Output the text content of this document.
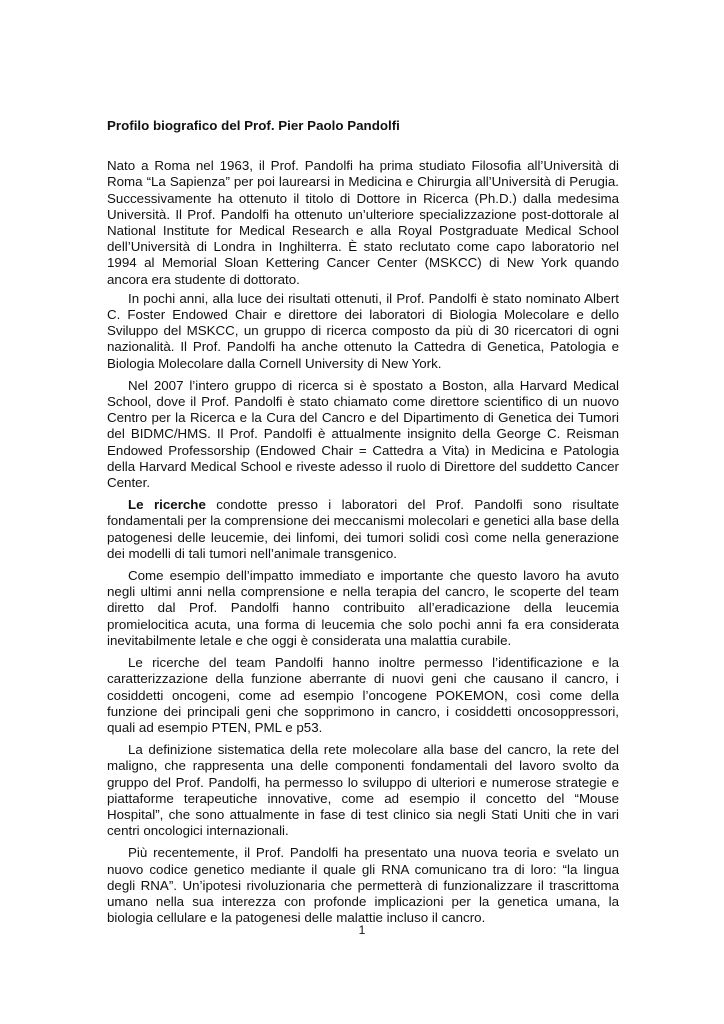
Profilo biografico del Prof. Pier Paolo Pandolfi

Nato a Roma nel 1963, il Prof. Pandolfi ha prima studiato Filosofia all’Università di Roma “La Sapienza” per poi laurearsi in Medicina e Chirurgia all’Università di Perugia. Successivamente ha ottenuto il titolo di Dottore in Ricerca (Ph.D.) dalla medesima Università. Il Prof. Pandolfi ha ottenuto un’ulteriore specializzazione post-dottorale al National Institute for Medical Research e alla Royal Postgraduate Medical School dell’Università di Londra in Inghilterra. È stato reclutato come capo laboratorio nel 1994 al Memorial Sloan Kettering Cancer Center (MSKCC) di New York quando ancora era studente di dottorato.

In pochi anni, alla luce dei risultati ottenuti, il Prof. Pandolfi è stato nominato Albert C. Foster Endowed Chair e direttore dei laboratori di Biologia Molecolare e dello Sviluppo del MSKCC, un gruppo di ricerca composto da più di 30 ricercatori di ogni nazionalità. Il Prof. Pandolfi ha anche ottenuto la Cattedra di Genetica, Patologia e Biologia Molecolare dalla Cornell University di New York.

Nel 2007 l’intero gruppo di ricerca si è spostato a Boston, alla Harvard Medical School, dove il Prof. Pandolfi è stato chiamato come direttore scientifico di un nuovo Centro per la Ricerca e la Cura del Cancro e del Dipartimento di Genetica dei Tumori del BIDMC/HMS. Il Prof. Pandolfi è attualmente insignito della George C. Reisman Endowed Professorship (Endowed Chair = Cattedra a Vita) in Medicina e Patologia della Harvard Medical School e riveste adesso il ruolo di Direttore del suddetto Cancer Center.

Le ricerche condotte presso i laboratori del Prof. Pandolfi sono risultate fondamentali per la comprensione dei meccanismi molecolari e genetici alla base della patogenesi delle leucemie, dei linfomi, dei tumori solidi così come nella generazione dei modelli di tali tumori nell’animale transgenico.

Come esempio dell’impatto immediato e importante che questo lavoro ha avuto negli ultimi anni nella comprensione e nella terapia del cancro, le scoperte del team diretto dal Prof. Pandolfi hanno contribuito all’eradicazione della leucemia promielocitica acuta, una forma di leucemia che solo pochi anni fa era considerata inevitabilmente letale e che oggi è considerata una malattia curabile.

Le ricerche del team Pandolfi hanno inoltre permesso l’identificazione e la caratterizzazione della funzione aberrante di nuovi geni che causano il cancro, i cosiddetti oncogeni, come ad esempio l’oncogene POKEMON, così come della funzione dei principali geni che sopprimono in cancro, i cosiddetti oncosoppressori, quali ad esempio PTEN, PML e p53.

La definizione sistematica della rete molecolare alla base del cancro, la rete del maligno, che rappresenta una delle componenti fondamentali del lavoro svolto da gruppo del Prof. Pandolfi, ha permesso lo sviluppo di ulteriori e numerose strategie e piattaforme terapeutiche innovative, come ad esempio il concetto del “Mouse Hospital”, che sono attualmente in fase di test clinico sia negli Stati Uniti che in vari centri oncologici internazionali.

Più recentemente, il Prof. Pandolfi ha presentato una nuova teoria e svelato un nuovo codice genetico mediante il quale gli RNA comunicano tra di loro: “la lingua degli RNA”. Un’ipotesi rivoluzionaria che permetterà di funzionalizzare il trascrittoma umano nella sua interezza con profonde implicazioni per la genetica umana, la biologia cellulare e la patogenesi delle malattie incluso il cancro.

1
